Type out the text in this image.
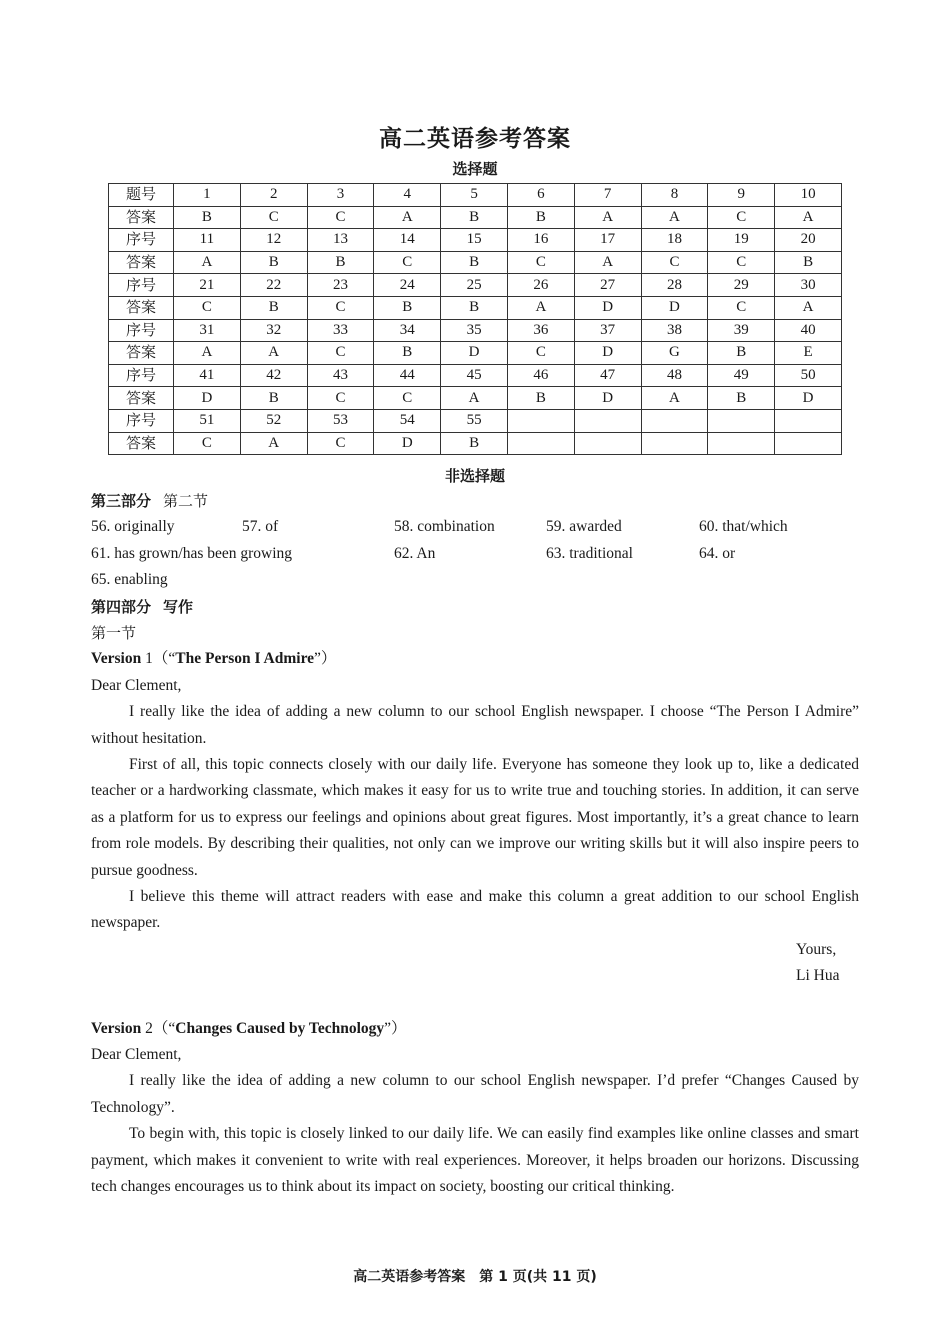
高二英语参考答案
选择题
题号	1	2	3	4	5	6	7	8	9	10
答案	B	C	C	A	B	B	A	A	C	A
序号	11	12	13	14	15	16	17	18	19	20
答案	A	B	B	C	B	C	A	C	C	B
序号	21	22	23	24	25	26	27	28	29	30
答案	C	B	C	B	B	A	D	D	C	A
序号	31	32	33	34	35	36	37	38	39	40
答案	A	A	C	B	D	C	D	G	B	E
序号	41	42	43	44	45	46	47	48	49	50
答案	D	B	C	C	A	B	D	A	B	D
序号	51	52	53	54	55					
答案	C	A	C	D	B					
非选择题
第三部分 第二节
56. originally	57. of	58. combination	59. awarded	60. that/which
61. has grown/has been growing	62. An	63. traditional	64. or
65. enabling
第四部分 写作

第一节

Version 1（“The Person I Admire”）

Dear Clement,

I really like the idea of adding a new column to our school English newspaper. I choose “The Person I Admire” without hesitation.

First of all, this topic connects closely with our daily life. Everyone has someone they look up to, like a dedicated teacher or a hardworking classmate, which makes it easy for us to write true and touching stories. In addition, it can serve as a platform for us to express our feelings and opinions about great figures. Most importantly, it’s a great chance to learn from role models. By describing their qualities, not only can we improve our writing skills but it will also inspire peers to pursue goodness.

I believe this theme will attract readers with ease and make this column a great addition to our school English newspaper.

Yours,

Li Hua

Version 2（“Changes Caused by Technology”）

Dear Clement,

I really like the idea of adding a new column to our school English newspaper. I’d prefer “Changes Caused by Technology”.

To begin with, this topic is closely linked to our daily life. We can easily find examples like online classes and smart payment, which makes it convenient to write with real experiences. Moreover, it helps broaden our horizons. Discussing tech changes encourages us to think about its impact on society, boosting our critical thinking.

高二英语参考答案　第 1 页(共 11 页)
